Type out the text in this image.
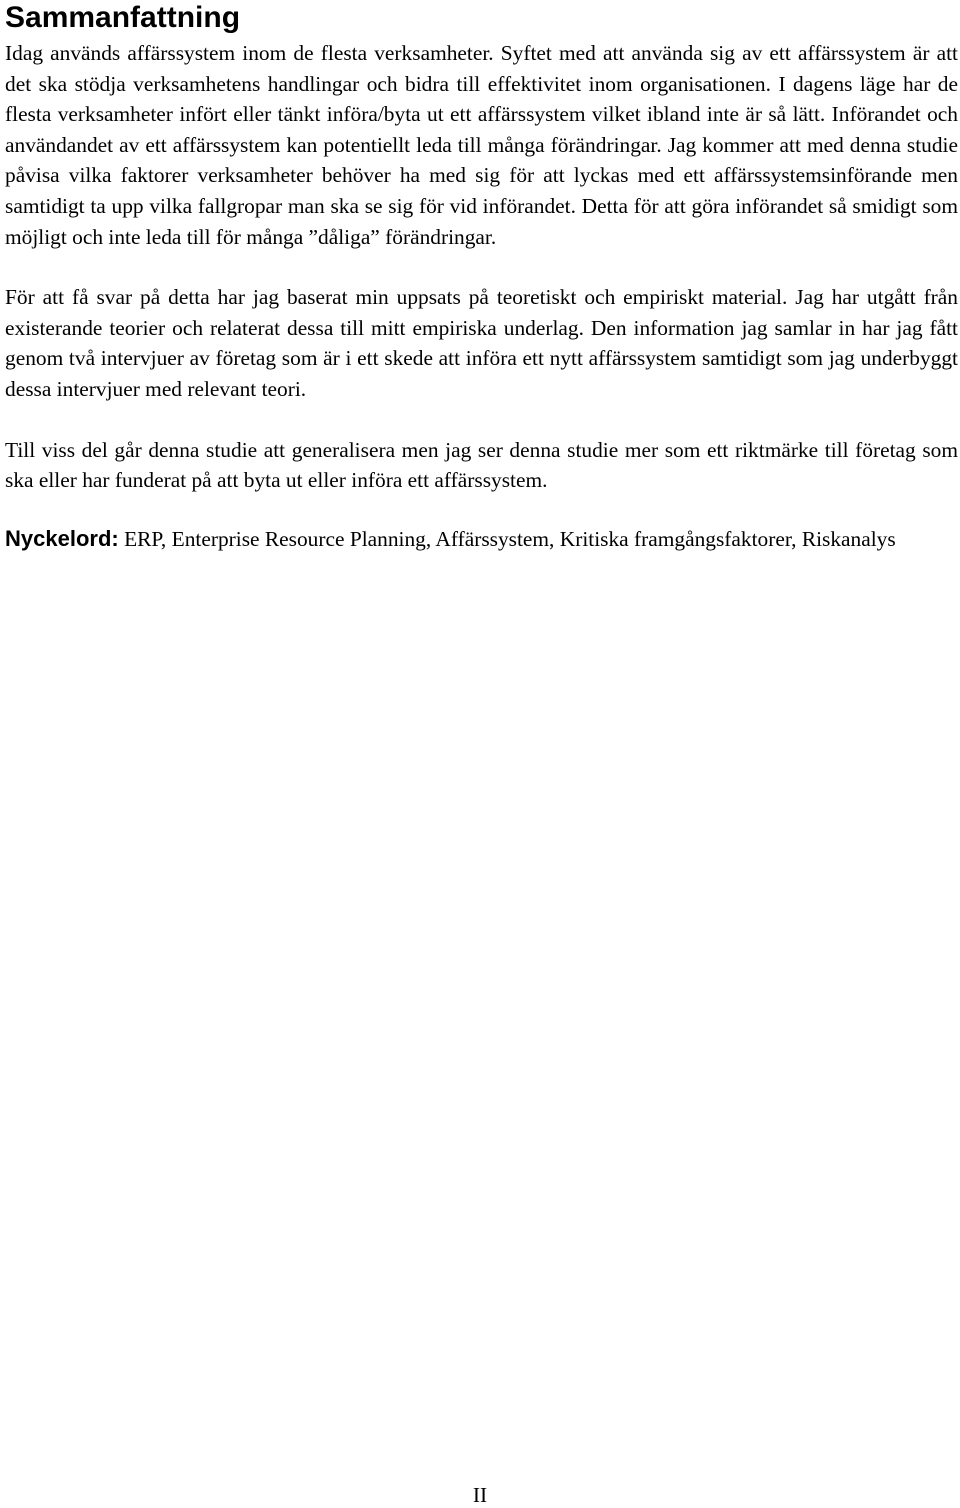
Sammanfattning

Idag används affärssystem inom de flesta verksamheter. Syftet med att använda sig av ett affärssystem är att det ska stödja verksamhetens handlingar och bidra till effektivitet inom organisationen. I dagens läge har de flesta verksamheter infört eller tänkt införa/byta ut ett affärssystem vilket ibland inte är så lätt. Införandet och användandet av ett affärssystem kan potentiellt leda till många förändringar. Jag kommer att med denna studie påvisa vilka faktorer verksamheter behöver ha med sig för att lyckas med ett affärssystemsinförande men samtidigt ta upp vilka fallgropar man ska se sig för vid införandet. Detta för att göra införandet så smidigt som möjligt och inte leda till för många ”dåliga” förändringar.

För att få svar på detta har jag baserat min uppsats på teoretiskt och empiriskt material. Jag har utgått från existerande teorier och relaterat dessa till mitt empiriska underlag. Den information jag samlar in har jag fått genom två intervjuer av företag som är i ett skede att införa ett nytt affärssystem samtidigt som jag underbyggt dessa intervjuer med relevant teori.

Till viss del går denna studie att generalisera men jag ser denna studie mer som ett riktmärke till företag som ska eller har funderat på att byta ut eller införa ett affärssystem.

Nyckelord: ERP, Enterprise Resource Planning, Affärssystem, Kritiska framgångsfaktorer, Riskanalys

II
